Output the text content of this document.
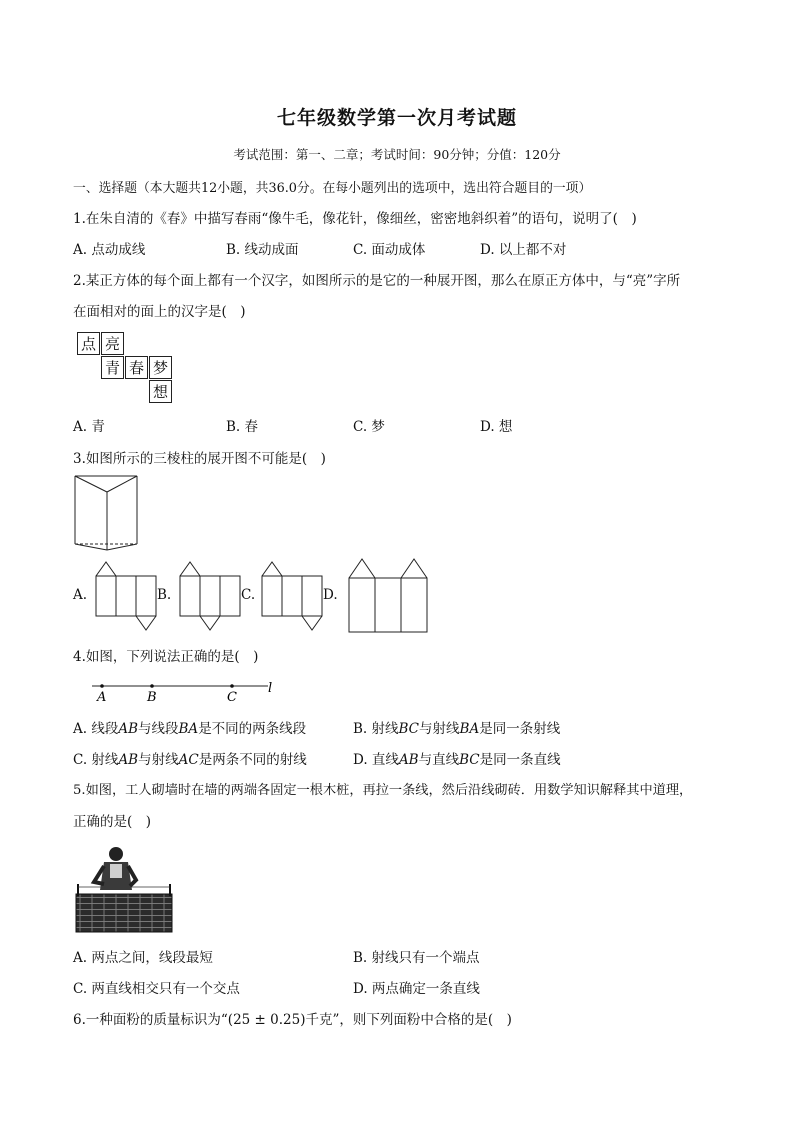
七年级数学第一次月考试题
考试范围：第一、二章；考试时间：90分钟；分值：120分
一、选择题（本大题共12小题，共36.0分。在每小题列出的选项中，选出符合题目的一项）
1.在朱自清的《春》中描写春雨“像牛毛，像花针，像细丝，密密地斜织着”的语句，说明了(　)
A. 点动成线	B. 线动成面	C. 面动成体	D. 以上都不对
2.某正方体的每个面上都有一个汉字，如图所示的是它的一种展开图，那么在原正方体中，与“亮”字所
在面相对的面上的汉字是(　)
点 亮
青 春 梦
想
A. 青	B. 春	C. 梦	D. 想
3.如图所示的三棱柱的展开图不可能是(　)
A.	B.	C.	D.
4.如图，下列说法正确的是(　)
A	B	C
l
A. 线段AB与线段BA是不同的两条线段	B. 射线BC与射线BA是同一条射线
C. 射线AB与射线AC是两条不同的射线	D. 直线AB与直线BC是同一条直线
5.如图，工人砌墙时在墙的两端各固定一根木桩，再拉一条线，然后沿线砌砖．用数学知识解释其中道理，
正确的是(　)
A. 两点之间，线段最短	B. 射线只有一个端点
C. 两直线相交只有一个交点	D. 两点确定一条直线
6.一种面粉的质量标识为“(25 ± 0.25)千克”，则下列面粉中合格的是(　)
